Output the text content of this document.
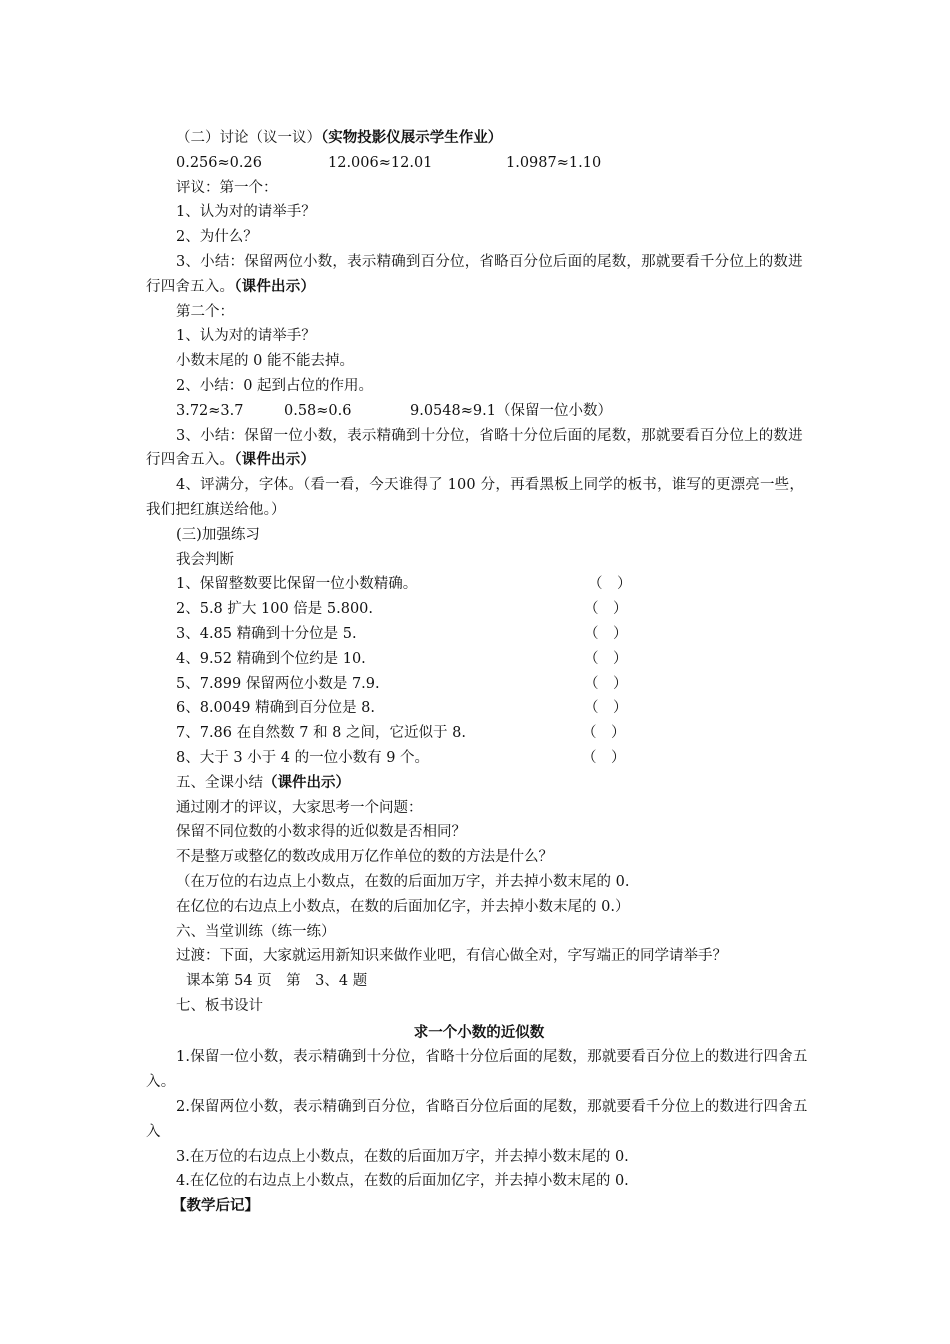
（二）讨论（议一议）（实物投影仪展示学生作业）
0.256≈0.26	12.006≈12.01	1.0987≈1.10
评议：第一个：
1、认为对的请举手？
2、为什么？
3、小结：保留两位小数，表示精确到百分位，省略百分位后面的尾数，那就要看千分位上的数进行四舍五入。（课件出示）
第二个：
1、认为对的请举手？
小数末尾的 0 能不能去掉。
2、小结：0 起到占位的作用。
3.72≈3.7	0.58≈0.6	9.0548≈9.1（保留一位小数）
3、小结：保留一位小数，表示精确到十分位，省略十分位后面的尾数，那就要看百分位上的数进行四舍五入。（课件出示）
4、评满分，字体。（看一看，今天谁得了 100 分，再看黑板上同学的板书，谁写的更漂亮一些，我们把红旗送给他。）
(三)加强练习
我会判断
1、保留整数要比保留一位小数精确。	（　）
2、5.8 扩大 100 倍是 5.800.	（　）
3、4.85 精确到十分位是 5.	（　）
4、9.52 精确到个位约是 10.	（　）
5、7.899 保留两位小数是 7.9.	（　）
6、8.0049 精确到百分位是 8.	（　）
7、7.86 在自然数 7 和 8 之间，它近似于 8.	（　）
8、大于 3 小于 4 的一位小数有 9 个。	（　）
五、全课小结（课件出示）
通过刚才的评议，大家思考一个问题：
保留不同位数的小数求得的近似数是否相同？
不是整万或整亿的数改成用万亿作单位的数的方法是什么？
（在万位的右边点上小数点，在数的后面加万字，并去掉小数末尾的 0.
在亿位的右边点上小数点，在数的后面加亿字，并去掉小数末尾的 0.）
六、当堂训练（练一练）
过渡：下面，大家就运用新知识来做作业吧，有信心做全对，字写端正的同学请举手？
课本第 54 页　第　3、4 题
七、板书设计
求一个小数的近似数
1.保留一位小数，表示精确到十分位，省略十分位后面的尾数，那就要看百分位上的数进行四舍五入。
2.保留两位小数，表示精确到百分位，省略百分位后面的尾数，那就要看千分位上的数进行四舍五入
3.在万位的右边点上小数点，在数的后面加万字，并去掉小数末尾的 0.
4.在亿位的右边点上小数点，在数的后面加亿字，并去掉小数末尾的 0.
【教学后记】
